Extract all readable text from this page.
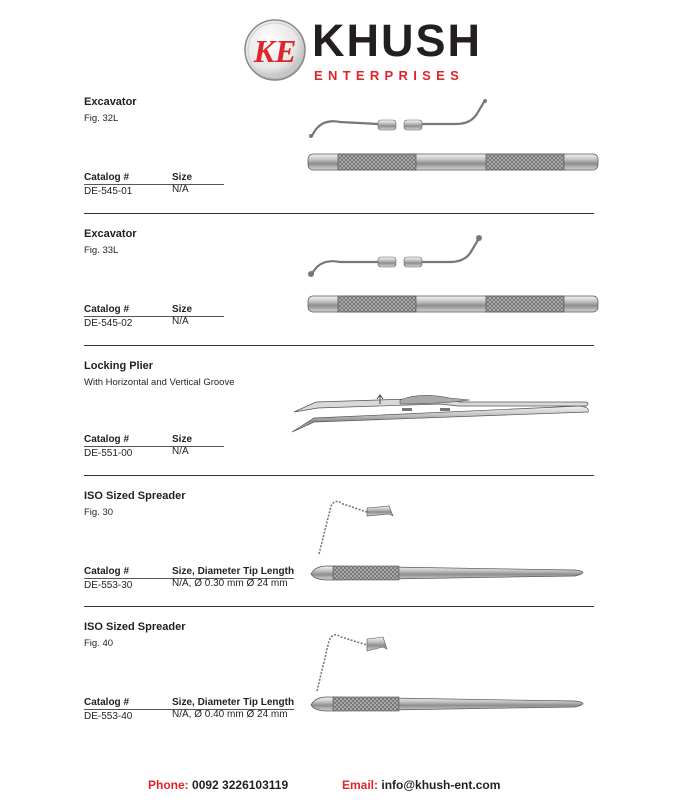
KE KHUSH
ENTERPRISES
Excavator
Fig. 32L
Catalog #	Size
DE-545-01	N/A
Excavator
Fig. 33L
Catalog #	Size
DE-545-02	N/A
Locking Plier
With Horizontal and Vertical Groove
Catalog #	Size
DE-551-00	N/A
ISO Sized Spreader
Fig. 30
Catalog #	Size, Diameter Tip Length
DE-553-30	N/A, Ø 0.30 mm Ø 24 mm
ISO Sized Spreader
Fig. 40
Catalog #	Size, Diameter Tip Length
DE-553-40	N/A, Ø 0.40 mm Ø 24 mm
Phone: 0092 3226103119	Email: info@khush-ent.com
